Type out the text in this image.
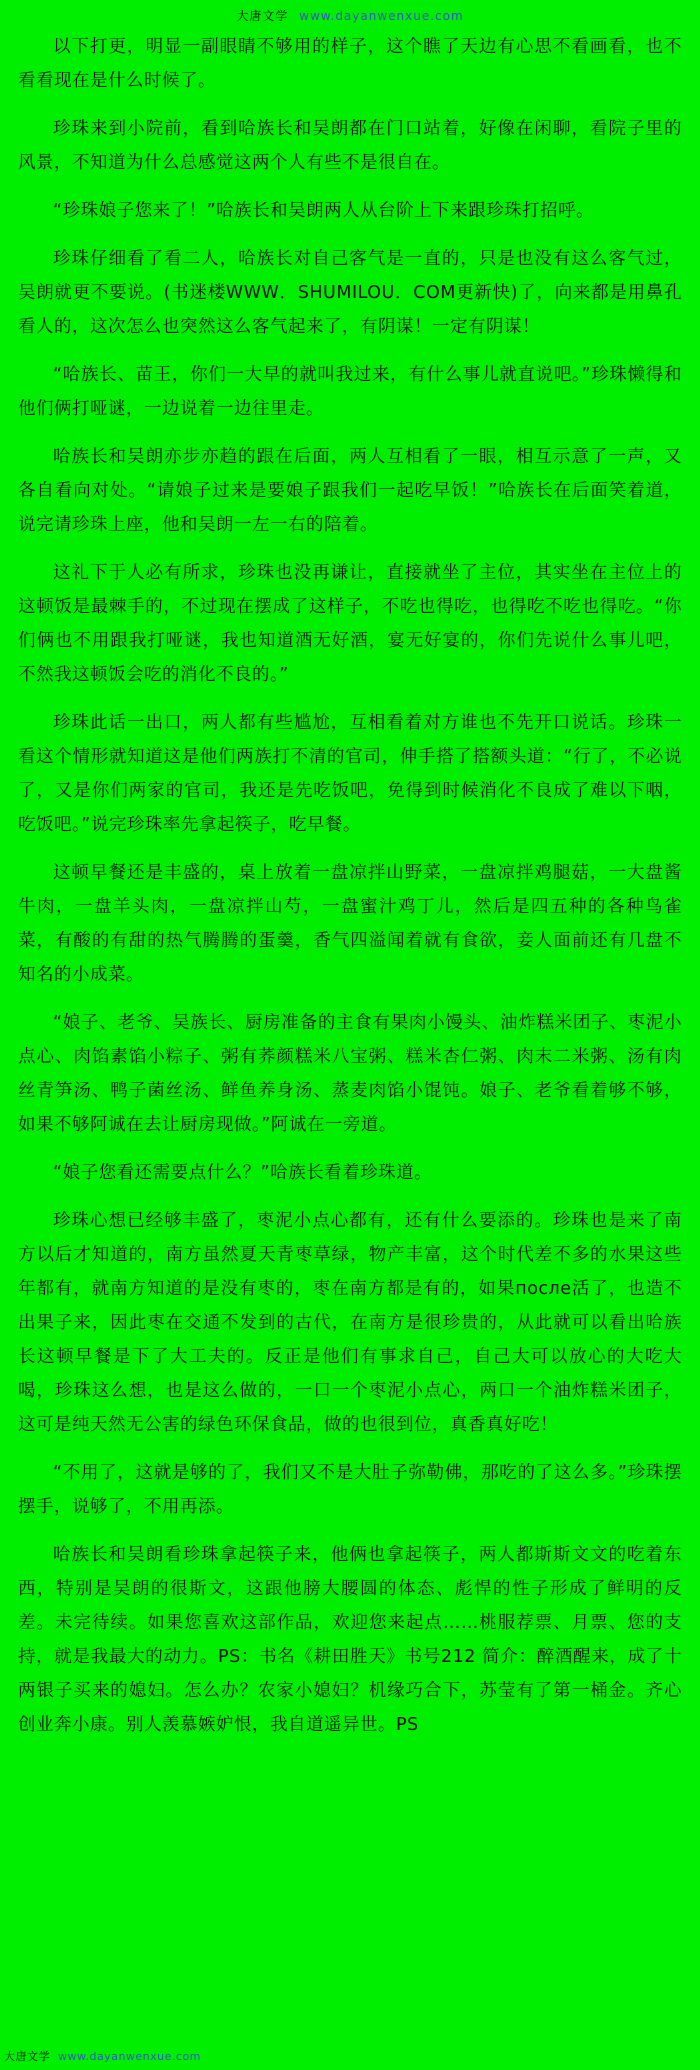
大唐文学 www.dayanwenxue.com

以下打更，明显一副眼睛不够用的样子，这个瞧了天边有心思不看画看，也不看看现在是什么时候了。

珍珠来到小院前，看到哈族长和吴朗都在门口站着，好像在闲聊，看院子里的风景，不知道为什么总感觉这两个人有些不是很自在。

“珍珠娘子您来了！”哈族长和吴朗两人从台阶上下来跟珍珠打招呼。

珍珠仔细看了看二人，哈族长对自己客气是一直的，只是也没有这么客气过，吴朗就更不要说。(书迷楼WWW．SHUMILOU．COM更新快)了，向来都是用鼻孔看人的，这次怎么也突然这么客气起来了，有阴谋！一定有阴谋！

“哈族长、苗王，你们一大早的就叫我过来，有什么事儿就直说吧。”珍珠懒得和他们俩打哑谜，一边说着一边往里走。

哈族长和吴朗亦步亦趋的跟在后面，两人互相看了一眼，相互示意了一声，又各自看向对处。“请娘子过来是要娘子跟我们一起吃早饭！”哈族长在后面笑着道，说完请珍珠上座，他和吴朗一左一右的陪着。

这礼下于人必有所求，珍珠也没再谦让，直接就坐了主位，其实坐在主位上的这顿饭是最棘手的，不过现在摆成了这样子，不吃也得吃，也得吃不吃也得吃。“你们俩也不用跟我打哑谜，我也知道酒无好酒，宴无好宴的，你们先说什么事儿吧，不然我这顿饭会吃的消化不良的。”

珍珠此话一出口，两人都有些尴尬，互相看着对方谁也不先开口说话。珍珠一看这个情形就知道这是他们两族打不清的官司，伸手搭了搭额头道：“行了，不必说了，又是你们两家的官司，我还是先吃饭吧，免得到时候消化不良成了难以下咽，吃饭吧。”说完珍珠率先拿起筷子，吃早餐。

这顿早餐还是丰盛的，桌上放着一盘凉拌山野菜，一盘凉拌鸡腿菇，一大盘酱牛肉，一盘羊头肉，一盘凉拌山芍，一盘蜜汁鸡丁儿，然后是四五种的各种鸟雀菜，有酸的有甜的热气腾腾的蛋羹，香气四溢闻着就有食欲，妾人面前还有几盘不知名的小成菜。

“娘子、老爷、吴族长、厨房准备的主食有果肉小馒头、油炸糕米团子、枣泥小点心、肉馅素馅小粽子、粥有荞颜糕米八宝粥、糕米杏仁粥、肉末二米粥、汤有肉丝青笋汤、鸭子菌丝汤、鲜鱼养身汤、蒸麦肉馅小馄饨。娘子、老爷看着够不够，如果不够阿诚在去让厨房现做。”阿诚在一旁道。

“娘子您看还需要点什么？”哈族长看着珍珠道。

珍珠心想已经够丰盛了，枣泥小点心都有，还有什么要添的。珍珠也是来了南方以后才知道的，南方虽然夏天青枣草绿，物产丰富，这个时代差不多的水果这些年都有，就南方知道的是没有枣的，枣在南方都是有的，如果после活了，也造不出果子来，因此枣在交通不发到的古代，在南方是很珍贵的，从此就可以看出哈族长这顿早餐是下了大工夫的。反正是他们有事求自己，自己大可以放心的大吃大喝，珍珠这么想，也是这么做的，一口一个枣泥小点心，两口一个油炸糕米团子，这可是纯天然无公害的绿色环保食品，做的也很到位，真香真好吃！

“不用了，这就是够的了，我们又不是大肚子弥勒佛，那吃的了这么多。”珍珠摆摆手，说够了，不用再添。

哈族长和吴朗看珍珠拿起筷子来，他俩也拿起筷子，两人都斯斯文文的吃着东西，特别是吴朗的很斯文，这跟他膀大腰圆的体态、彪悍的性子形成了鲜明的反差。未完待续。如果您喜欢这部作品，欢迎您来起点……桃服荐票、月票、您的支持，就是我最大的动力。PS：书名《耕田胜天》书号212 简介：醉酒醒来，成了十两银子买来的媳妇。怎么办？农家小媳妇？机缘巧合下，苏莹有了第一桶金。齐心创业奔小康。别人羡慕嫉妒恨，我自道遥异世。РS

大唐文学 www.dayanwenxue.com
